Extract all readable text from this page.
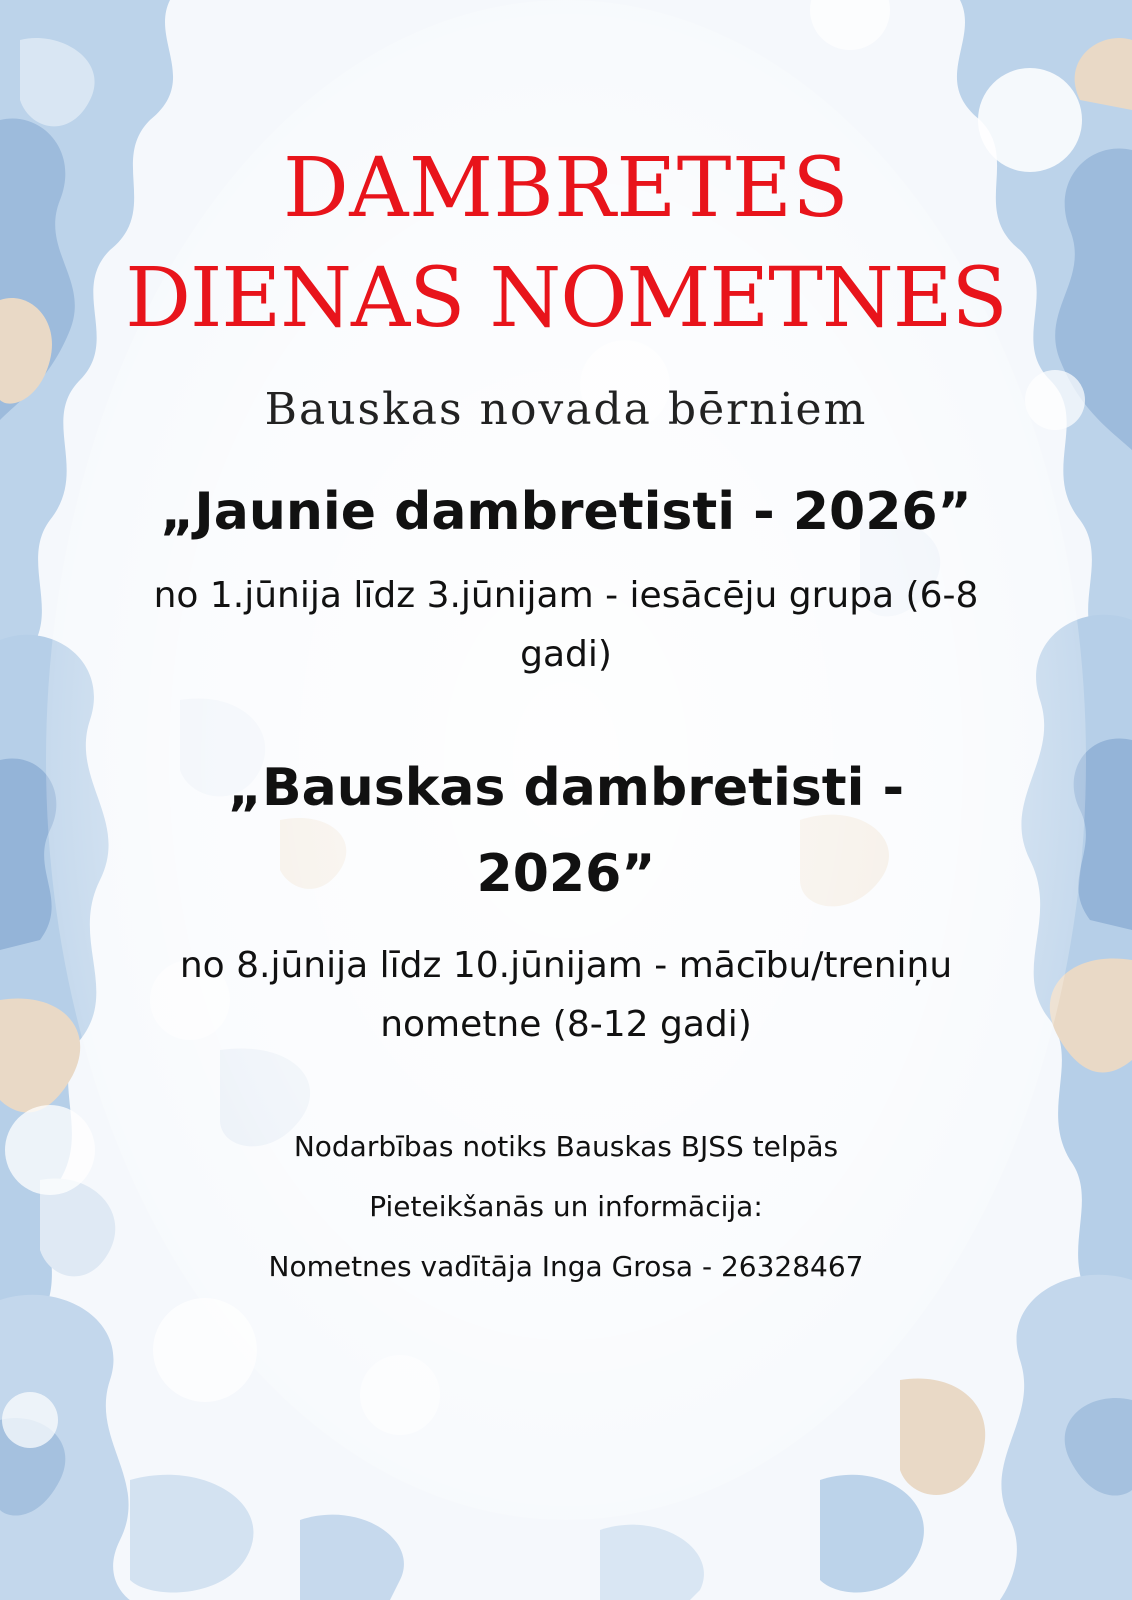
DAMBRETES
DIENAS NOMETNES
Bauskas novada bērniem
„Jaunie dambretisti - 2026”
no 1.jūnija līdz 3.jūnijam - iesācēju grupa (6-8 gadi)
„Bauskas dambretisti - 2026”
no 8.jūnija līdz 10.jūnijam - mācību/treniņu nometne (8-12 gadi)
Nodarbības notiks Bauskas BJSS telpās
Pieteikšanās un informācija:
Nometnes vadītāja Inga Grosa - 26328467
